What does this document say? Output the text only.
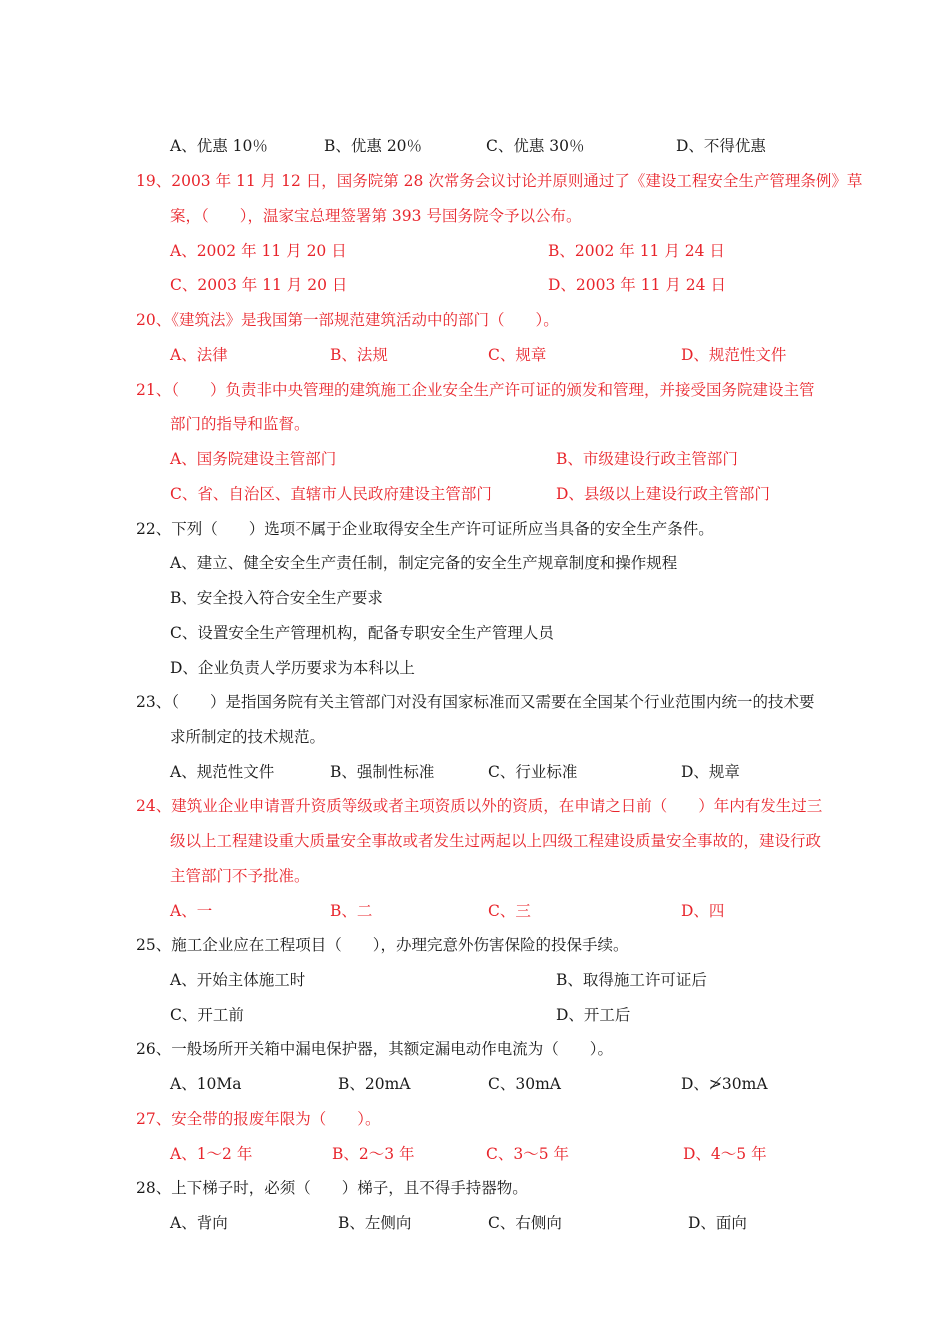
A、优惠 10％	B、优惠 20％	C、优惠 30％	D、不得优惠
19、2003 年 11 月 12 日，国务院第 28 次常务会议讨论并原则通过了《建设工程安全生产管理条例》草
案，（　　），温家宝总理签署第 393 号国务院令予以公布。
A、2002 年 11 月 20 日	B、2002 年 11 月 24 日
C、2003 年 11 月 20 日	D、2003 年 11 月 24 日
20、《建筑法》是我国第一部规范建筑活动中的部门（　　）。
A、法律	B、法规	C、规章	D、规范性文件
21、（　　）负责非中央管理的建筑施工企业安全生产许可证的颁发和管理，并接受国务院建设主管
部门的指导和监督。
A、国务院建设主管部门	B、市级建设行政主管部门
C、省、自治区、直辖市人民政府建设主管部门	D、县级以上建设行政主管部门
22、下列（　　）选项不属于企业取得安全生产许可证所应当具备的安全生产条件。
A、建立、健全安全生产责任制，制定完备的安全生产规章制度和操作规程
B、安全投入符合安全生产要求
C、设置安全生产管理机构，配备专职安全生产管理人员
D、企业负责人学历要求为本科以上
23、（　　）是指国务院有关主管部门对没有国家标准而又需要在全国某个行业范围内统一的技术要
求所制定的技术规范。
A、规范性文件	B、强制性标准	C、行业标准	D、规章
24、建筑业企业申请晋升资质等级或者主项资质以外的资质，在申请之日前（　　）年内有发生过三
级以上工程建设重大质量安全事故或者发生过两起以上四级工程建设质量安全事故的，建设行政
主管部门不予批准。
A、一	B、二	C、三	D、四
25、施工企业应在工程项目（　　），办理完意外伤害保险的投保手续。
A、开始主体施工时	B、取得施工许可证后
C、开工前	D、开工后
26、一般场所开关箱中漏电保护器，其额定漏电动作电流为（　　）。
A、10Ma	B、20mA	C、30mA	D、≯30mA
27、安全带的报废年限为（　　）。
A、1～2 年	B、2～3 年	C、3～5 年	D、4～5 年
28、上下梯子时，必须（　　）梯子，且不得手持器物。
A、背向	B、左侧向	C、右侧向	D、面向
